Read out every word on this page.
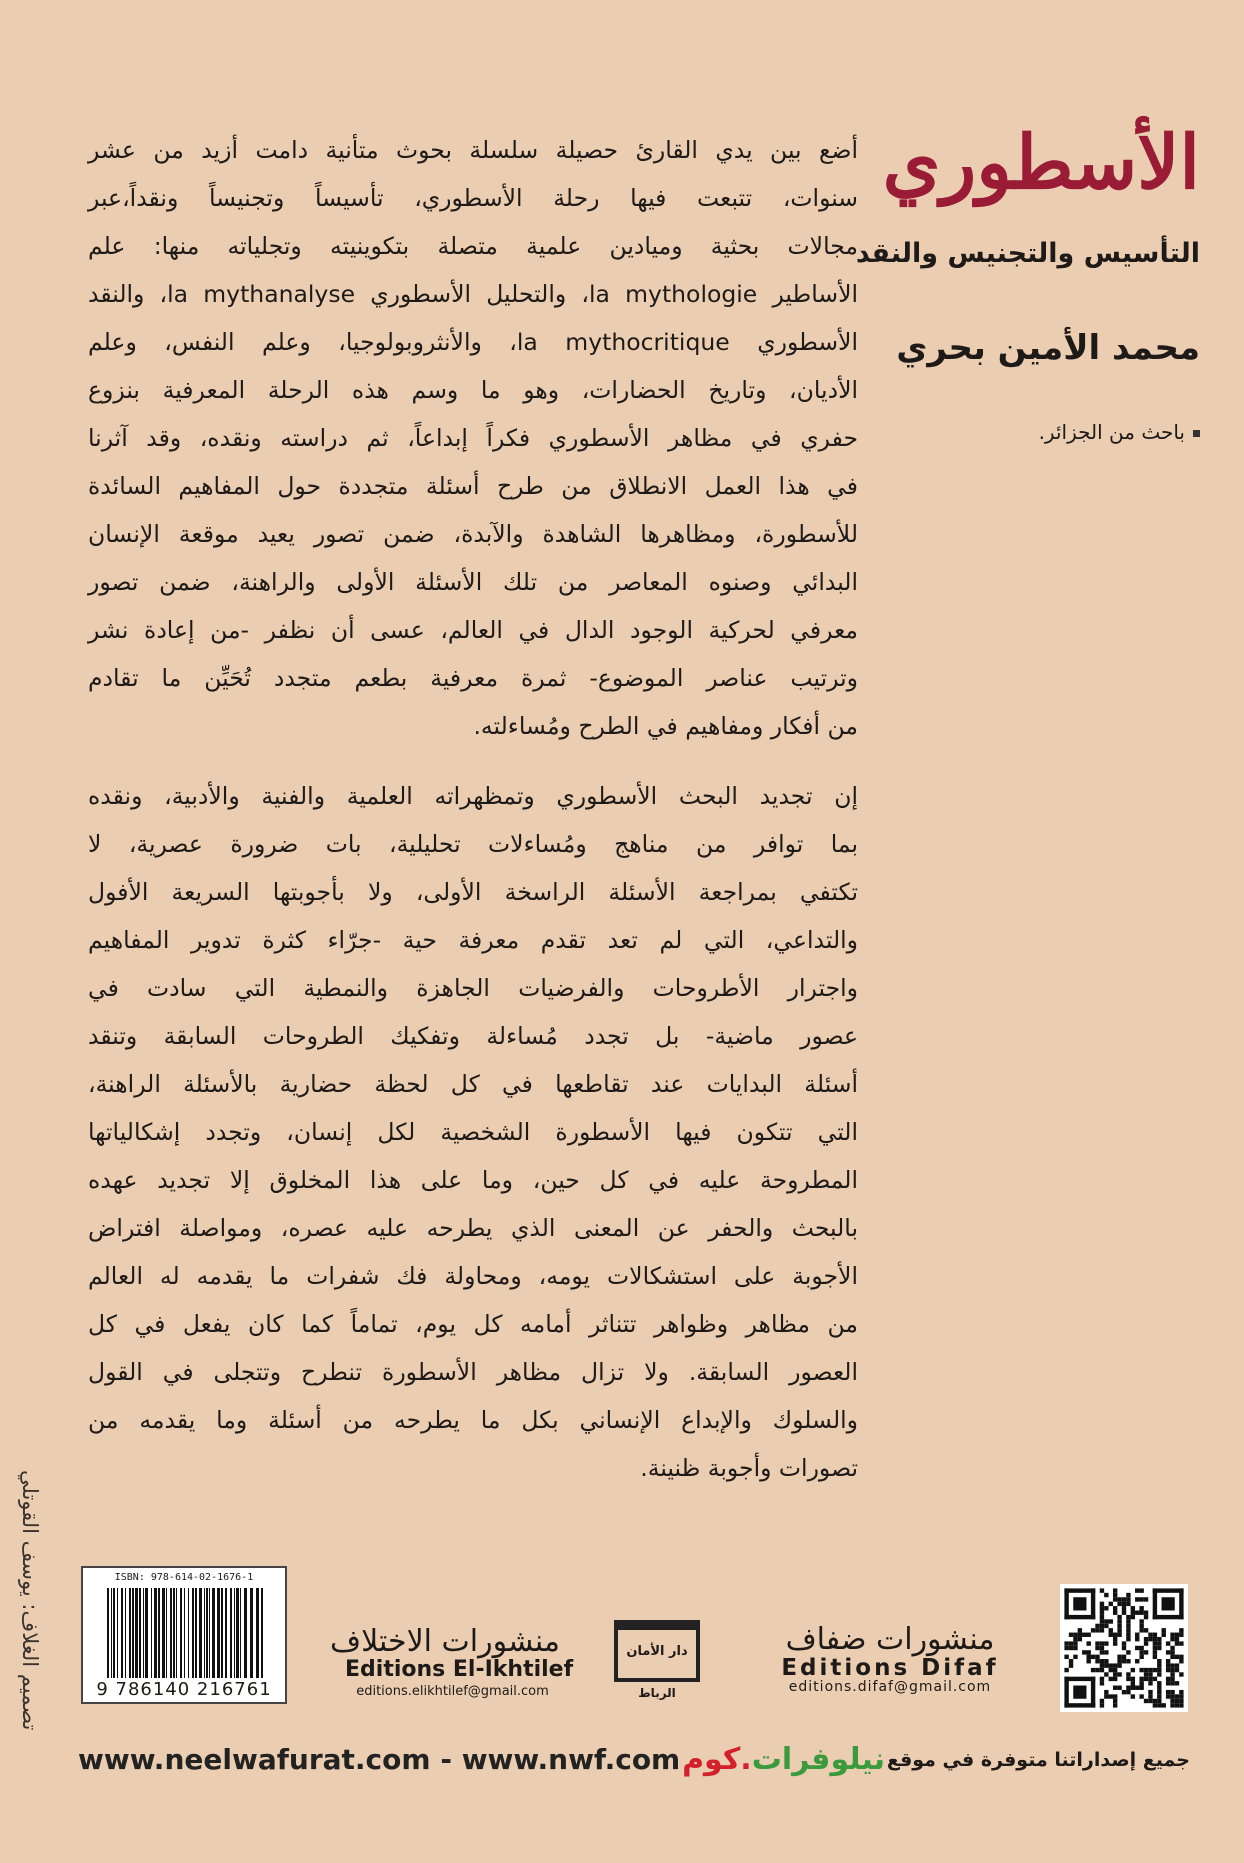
الأسطوري
التأسيس والتجنيس والنقد
محمد الأمين بحري
باحث من الجزائر.
أضع بين يدي القارئ حصيلة سلسلة بحوث متأنية دامت أزيد من عشر
سنوات، تتبعت فيها رحلة الأسطوري، تأسيساً وتجنيساً ونقداً،عبر
مجالات بحثية وميادين علمية متصلة بتكوينيته وتجلياته منها: علم
الأساطير la mythologie، والتحليل الأسطوري la mythanalyse، والنقد
الأسطوري la mythocritique، والأنثروبولوجيا، وعلم النفس، وعلم
الأديان، وتاريخ الحضارات، وهو ما وسم هذه الرحلة المعرفية بنزوع
حفري في مظاهر الأسطوري فكراً إبداعاً، ثم دراسته ونقده، وقد آثرنا
في هذا العمل الانطلاق من طرح أسئلة متجددة حول المفاهيم السائدة
للأسطورة، ومظاهرها الشاهدة والآبدة، ضمن تصور يعيد موقعة الإنسان
البدائي وصنوه المعاصر من تلك الأسئلة الأولى والراهنة، ضمن تصور
معرفي لحركية الوجود الدال في العالم، عسى أن نظفر -من إعادة نشر
وترتيب عناصر الموضوع- ثمرة معرفية بطعم متجدد تُحَيِّن ما تقادم
من أفكار ومفاهيم في الطرح ومُساءلته.
إن تجديد البحث الأسطوري وتمظهراته العلمية والفنية والأدبية، ونقده
بما توافر من مناهج ومُساءلات تحليلية، بات ضرورة عصرية، لا
تكتفي بمراجعة الأسئلة الراسخة الأولى، ولا بأجوبتها السريعة الأفول
والتداعي، التي لم تعد تقدم معرفة حية -جرّاء كثرة تدوير المفاهيم
واجترار الأطروحات والفرضيات الجاهزة والنمطية التي سادت في
عصور ماضية- بل تجدد مُساءلة وتفكيك الطروحات السابقة وتنقد
أسئلة البدايات عند تقاطعها في كل لحظة حضارية بالأسئلة الراهنة،
التي تتكون فيها الأسطورة الشخصية لكل إنسان، وتجدد إشكالياتها
المطروحة عليه في كل حين، وما على هذا المخلوق إلا تجديد عهده
بالبحث والحفر عن المعنى الذي يطرحه عليه عصره، ومواصلة افتراض
الأجوبة على استشكالات يومه، ومحاولة فك شفرات ما يقدمه له العالم
من مظاهر وظواهر تتناثر أمامه كل يوم، تماماً كما كان يفعل في كل
العصور السابقة. ولا تزال مظاهر الأسطورة تنطرح وتتجلى في القول
والسلوك والإبداع الإنساني بكل ما يطرحه من أسئلة وما يقدمه من
تصورات وأجوبة ظنينة.
تصميم الغلاف: يوسف القوتلي	ISBN: 978-614-02-1676-1
9 786140 216761
منشورات الاختلاف
Editions El-Ikhtilef
editions.elikhtilef@gmail.com
دار الأمان
الرباط
منشورات ضفاف
Editions Difaf
editions.difaf@gmail.com
www.neelwafurat.com - www.nwf.com	نيلوفرات.كوم	جميع إصداراتنا متوفرة في موقع
